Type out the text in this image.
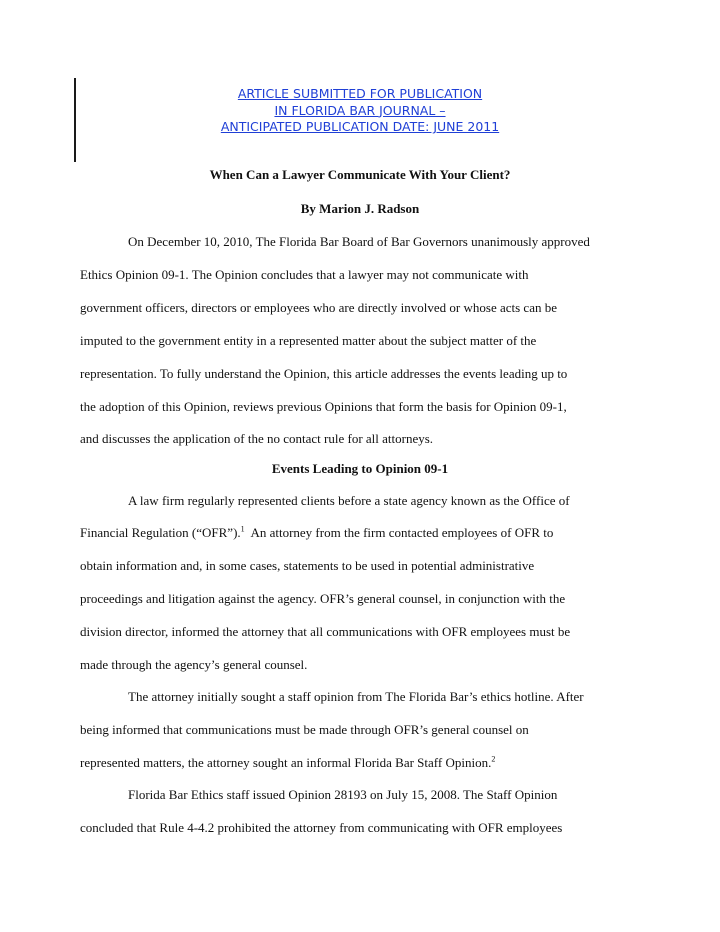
ARTICLE SUBMITTED FOR PUBLICATION
IN FLORIDA BAR JOURNAL –
ANTICIPATED PUBLICATION DATE: JUNE 2011
When Can a Lawyer Communicate With Your Client?
By Marion J. Radson
On December 10, 2010, The Florida Bar Board of Bar Governors unanimously approved
Ethics Opinion 09-1. The Opinion concludes that a lawyer may not communicate with
government officers, directors or employees who are directly involved or whose acts can be
imputed to the government entity in a represented matter about the subject matter of the
representation. To fully understand the Opinion, this article addresses the events leading up to
the adoption of this Opinion, reviews previous Opinions that form the basis for Opinion 09-1,
and discusses the application of the no contact rule for all attorneys.
Events Leading to Opinion 09-1
A law firm regularly represented clients before a state agency known as the Office of
Financial Regulation (“OFR”).$^1$  An attorney from the firm contacted employees of OFR to
obtain information and, in some cases, statements to be used in potential administrative
proceedings and litigation against the agency. OFR’s general counsel, in conjunction with the
division director, informed the attorney that all communications with OFR employees must be
made through the agency’s general counsel.
The attorney initially sought a staff opinion from The Florida Bar’s ethics hotline. After
being informed that communications must be made through OFR’s general counsel on
represented matters, the attorney sought an informal Florida Bar Staff Opinion.$^2$
Florida Bar Ethics staff issued Opinion 28193 on July 15, 2008. The Staff Opinion
concluded that Rule 4-4.2 prohibited the attorney from communicating with OFR employees
